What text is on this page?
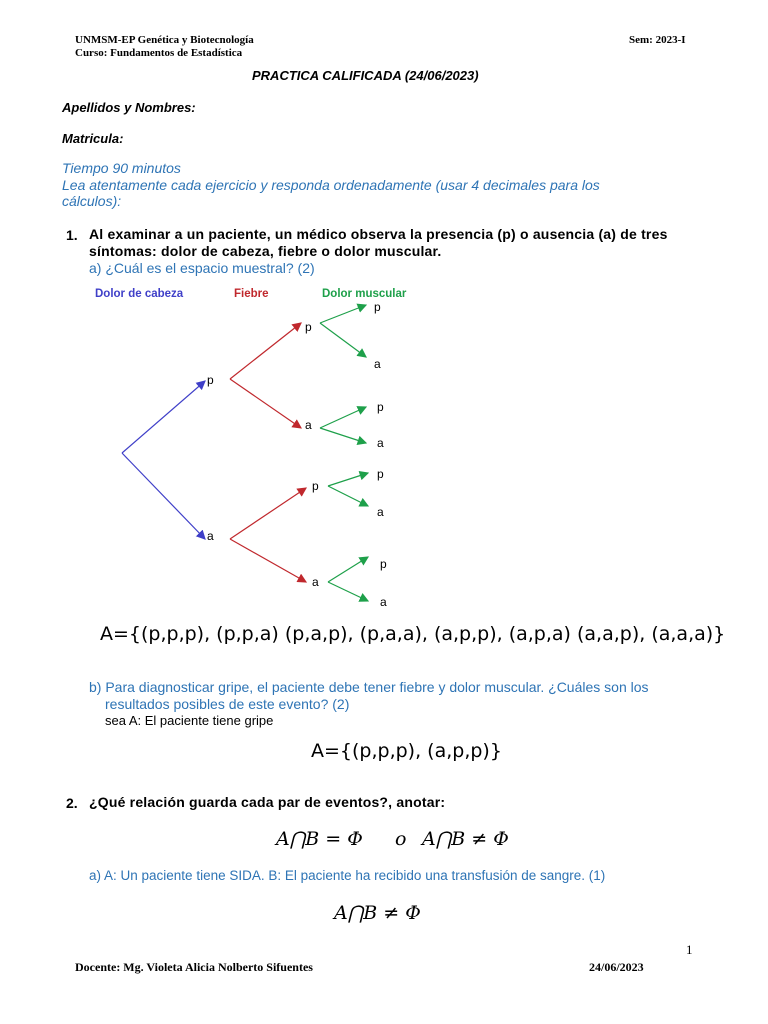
UNMSM-EP Genética y Biotecnología
Curso: Fundamentos de Estadística
Sem: 2023-I
PRACTICA CALIFICADA (24/06/2023)
Apellidos y Nombres:
Matricula:
Tiempo 90 minutos
Lea atentamente cada ejercicio y responda ordenadamente (usar 4 decimales para los
cálculos):
1. Al examinar a un paciente, un médico observa la presencia (p) o ausencia (a) de tres
síntomas: dolor de cabeza, fiebre o dolor muscular.
a) ¿Cuál es el espacio muestral? (2)
Dolor de cabeza	Fiebre	Dolor muscular
p
a
p
a
p
a
p
a
p
a
p
a
p
a
A={(p,p,p), (p,p,a) (p,a,p), (p,a,a), (a,p,p), (a,p,a) (a,a,p), (a,a,a)}
b) Para diagnosticar gripe, el paciente debe tener fiebre y dolor muscular. ¿Cuáles son los
resultados posibles de este evento? (2)
sea A: El paciente tiene gripe
A={(p,p,p), (a,p,p)}
2. ¿Qué relación guarda cada par de eventos?, anotar:
A⋂B = Φ o A⋂B ≠ Φ
a) A: Un paciente tiene SIDA. B: El paciente ha recibido una transfusión de sangre. (1)
A⋂B ≠ Φ
1
Docente: Mg. Violeta Alicia Nolberto Sifuentes	24/06/2023
